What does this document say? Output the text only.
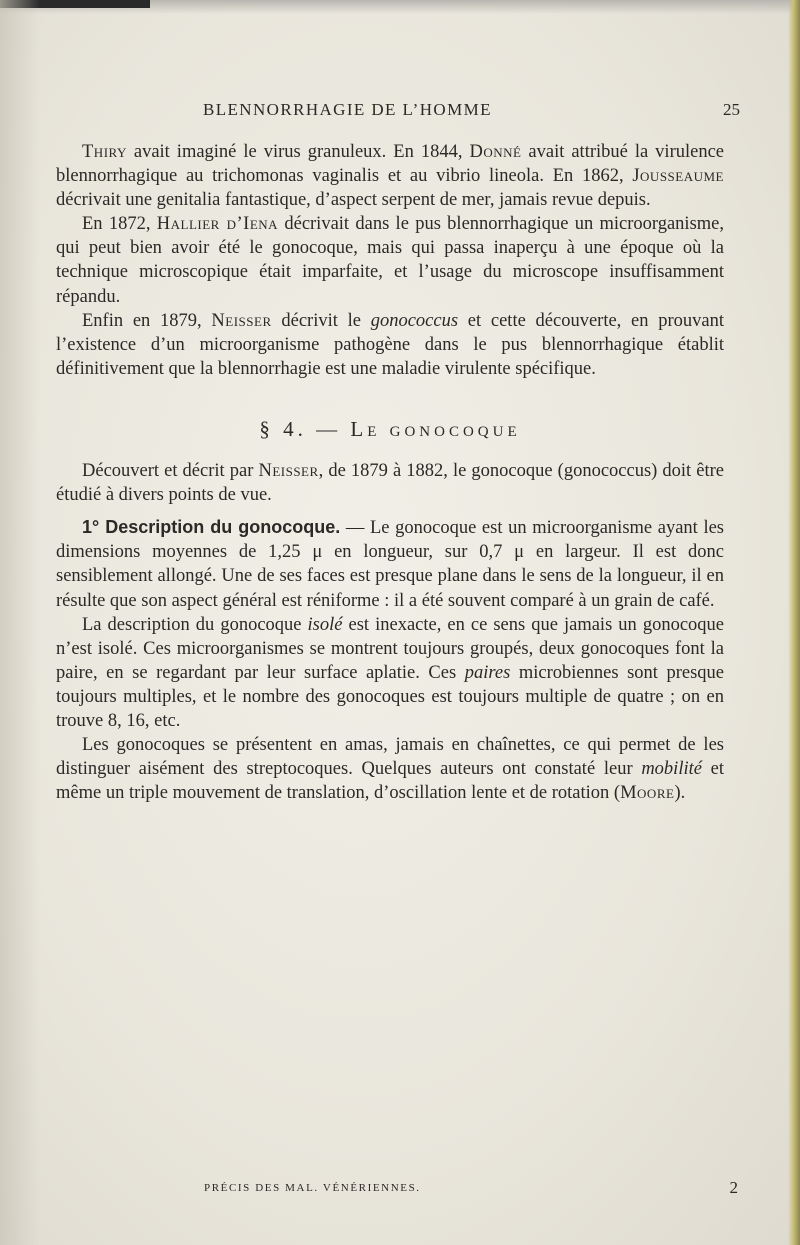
BLENNORRHAGIE DE L’HOMME	25

Thiry avait imaginé le virus granuleux. En 1844, Donné avait attribué la virulence blennorrhagique au trichomonas vaginalis et au vibrio lineola. En 1862, Jousseaume décrivait une genitalia fantastique, d’aspect serpent de mer, jamais revue depuis.

En 1872, Hallier d’Iena décrivait dans le pus blennorrhagique un microorganisme, qui peut bien avoir été le gonocoque, mais qui passa inaperçu à une époque où la technique microscopique était imparfaite, et l’usage du microscope insuffisamment répandu.

Enfin en 1879, Neisser décrivit le gonococcus et cette découverte, en prouvant l’existence d’un microorganisme pathogène dans le pus blennorrhagique établit définitivement que la blennorrhagie est une maladie virulente spécifique.

§ 4. — Le gonocoque

Découvert et décrit par Neisser, de 1879 à 1882, le gonocoque (gonococcus) doit être étudié à divers points de vue.

1° Description du gonocoque. — Le gonocoque est un microorganisme ayant les dimensions moyennes de 1,25 μ en longueur, sur 0,7 μ en largeur. Il est donc sensiblement allongé. Une de ses faces est presque plane dans le sens de la longueur, il en résulte que son aspect général est réniforme : il a été souvent comparé à un grain de café.

La description du gonocoque isolé est inexacte, en ce sens que jamais un gonocoque n’est isolé. Ces microorganismes se montrent toujours groupés, deux gonocoques font la paire, en se regardant par leur surface aplatie. Ces paires microbiennes sont presque toujours multiples, et le nombre des gonocoques est toujours multiple de quatre ; on en trouve 8, 16, etc.

Les gonocoques se présentent en amas, jamais en chaînettes, ce qui permet de les distinguer aisément des streptocoques. Quelques auteurs ont constaté leur mobilité et même un triple mouvement de translation, d’oscillation lente et de rotation (Moore).

PRÉCIS DES MAL. VÉNÉRIENNES.	2
